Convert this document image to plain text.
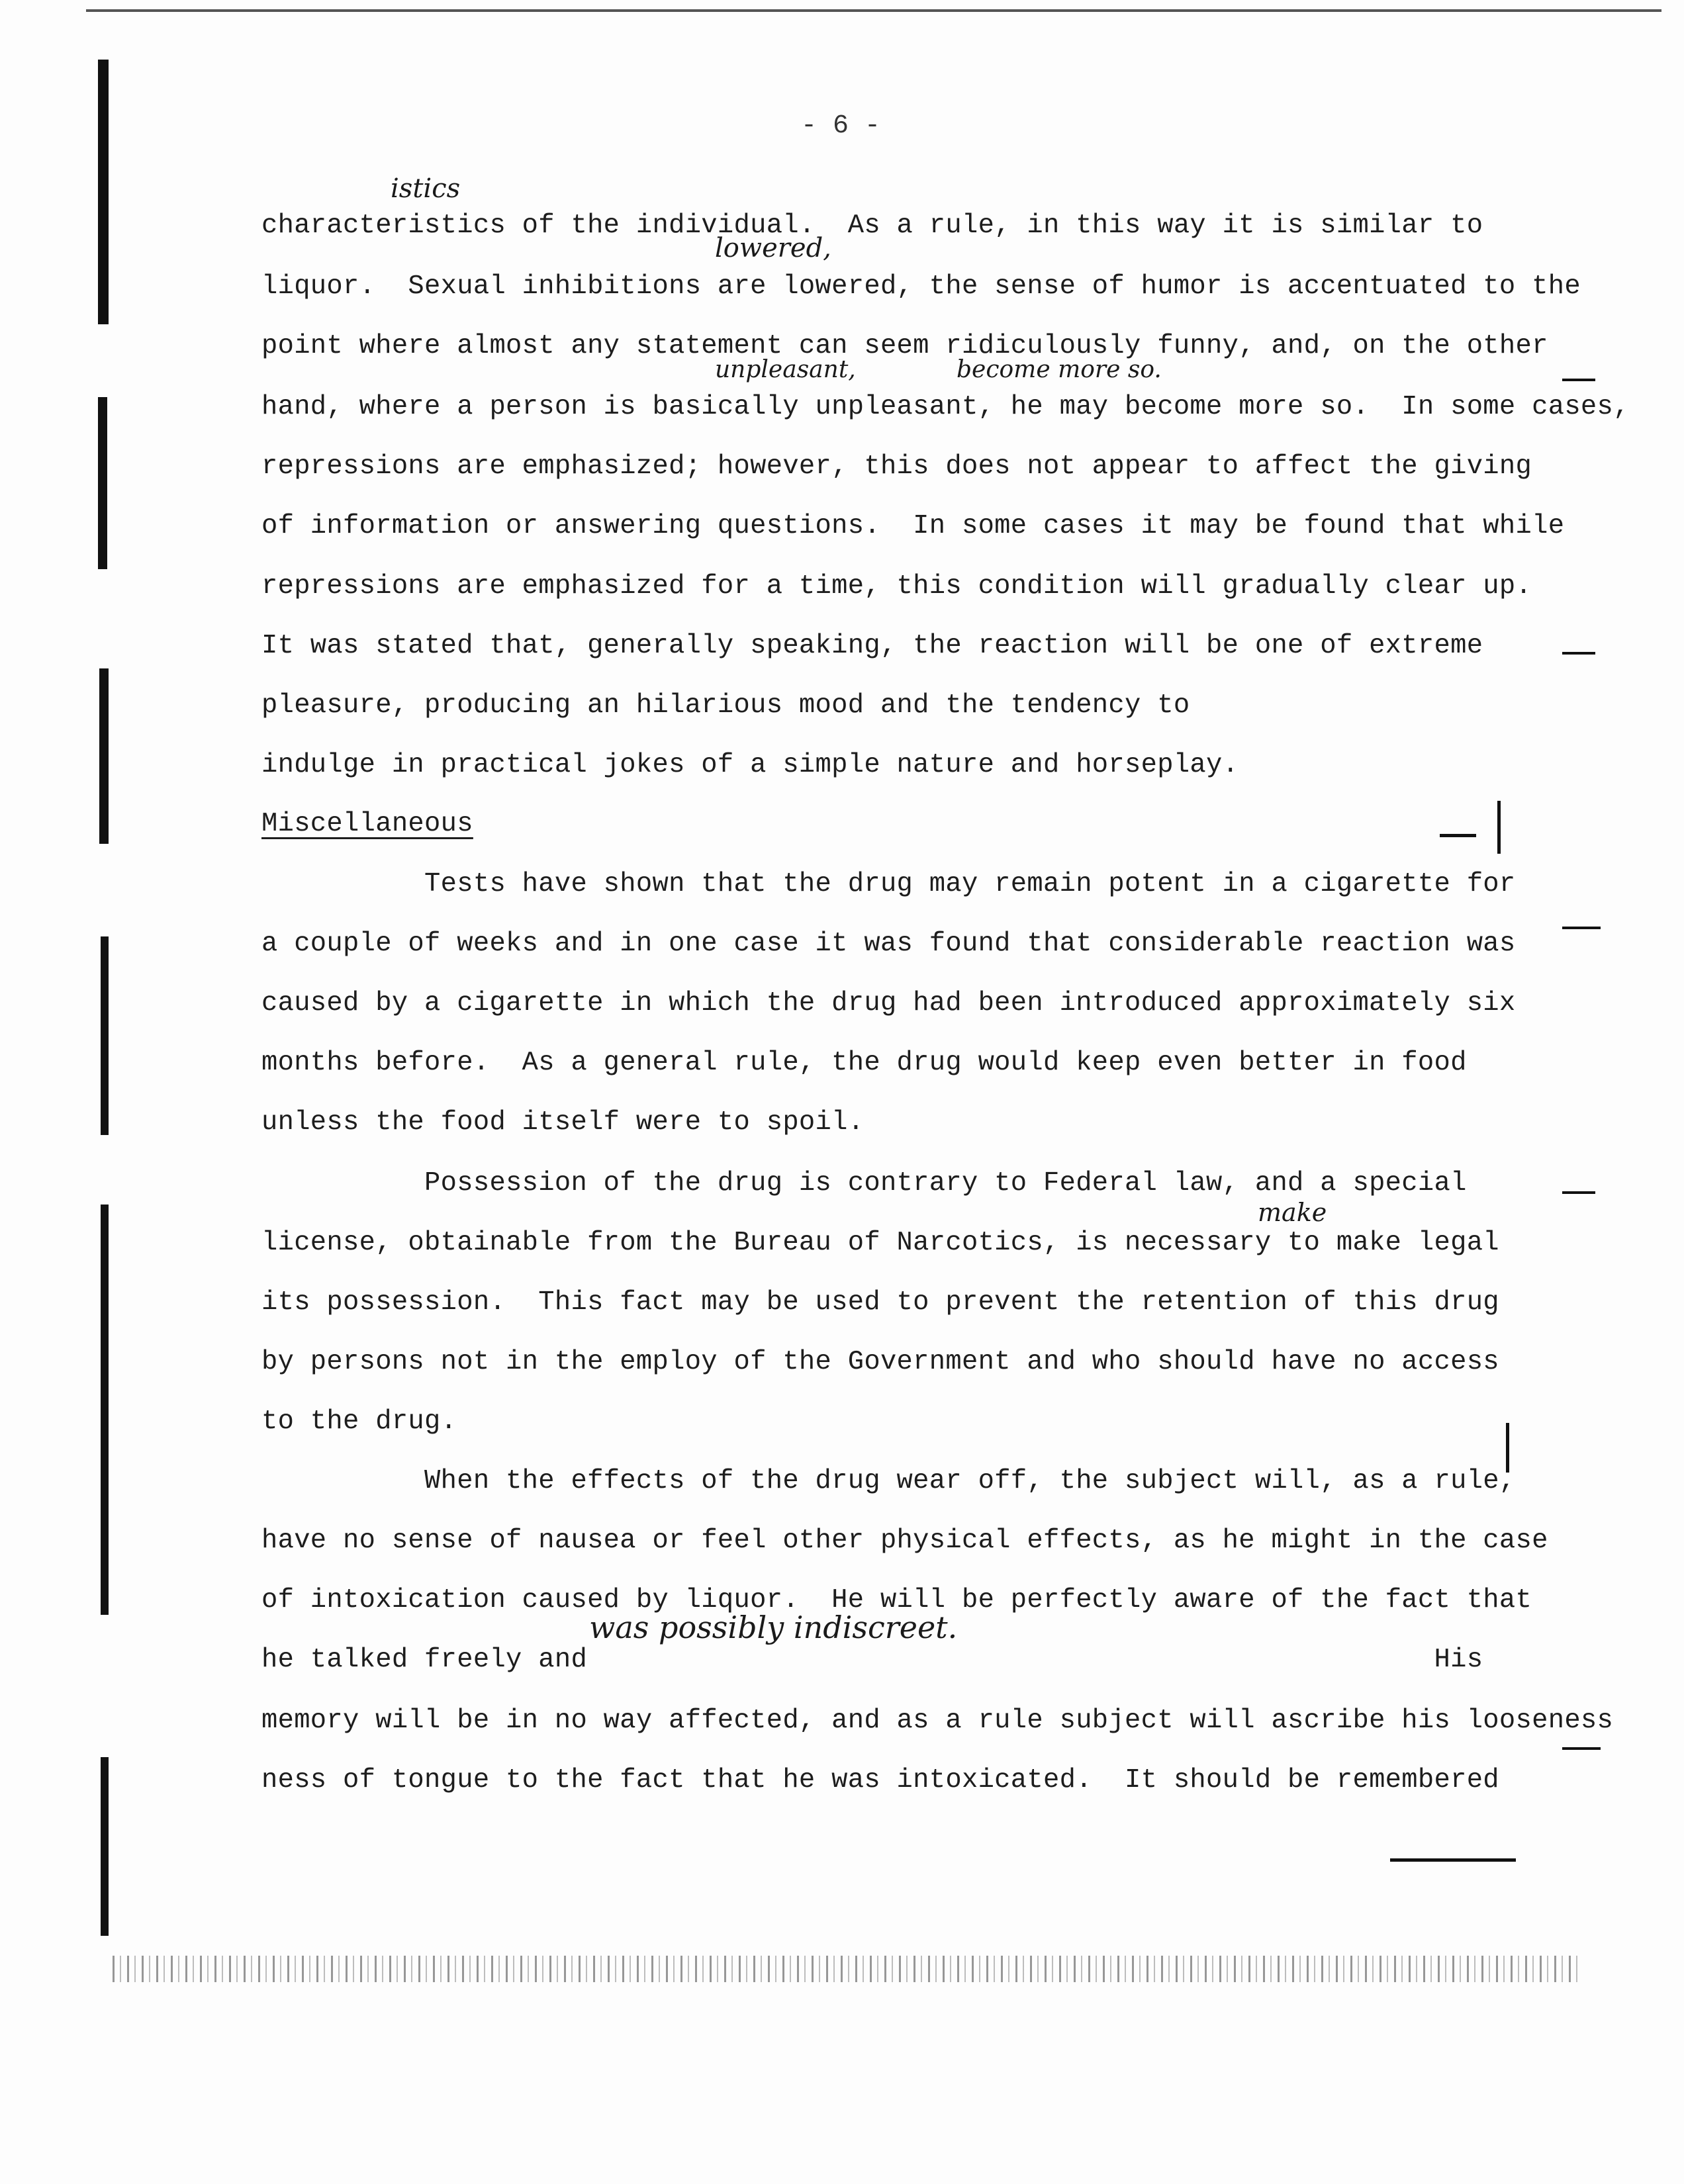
- 6 -
characteristics of the individual.  As a rule, in this way it is similar to
liquor.  Sexual inhibitions are lowered, the sense of humor is accentuated to the
point where almost any statement can seem ridiculously funny, and, on the other
hand, where a person is basically unpleasant, he may become more so.  In some cases,
repressions are emphasized; however, this does not appear to affect the giving
of information or answering questions.  In some cases it may be found that while
repressions are emphasized for a time, this condition will gradually clear up.
It was stated that, generally speaking, the reaction will be one of extreme
pleasure, producing an hilarious mood and the tendency to
indulge in practical jokes of a simple nature and horseplay.
Miscellaneous
Tests have shown that the drug may remain potent in a cigarette for
a couple of weeks and in one case it was found that considerable reaction was
caused by a cigarette in which the drug had been introduced approximately six
months before.  As a general rule, the drug would keep even better in food
unless the food itself were to spoil.
Possession of the drug is contrary to Federal law, and a special
license, obtainable from the Bureau of Narcotics, is necessary to make legal
its possession.  This fact may be used to prevent the retention of this drug
by persons not in the employ of the Government and who should have no access
to the drug.
When the effects of the drug wear off, the subject will, as a rule,
have no sense of nausea or feel other physical effects, as he might in the case
of intoxication caused by liquor.  He will be perfectly aware of the fact that
he talked freely and                                                    His
memory will be in no way affected, and as a rule subject will ascribe his looseness
ness of tongue to the fact that he was intoxicated.  It should be remembered
istics
lowered,
unpleasant,	become more so.
make
was possibly indiscreet.
